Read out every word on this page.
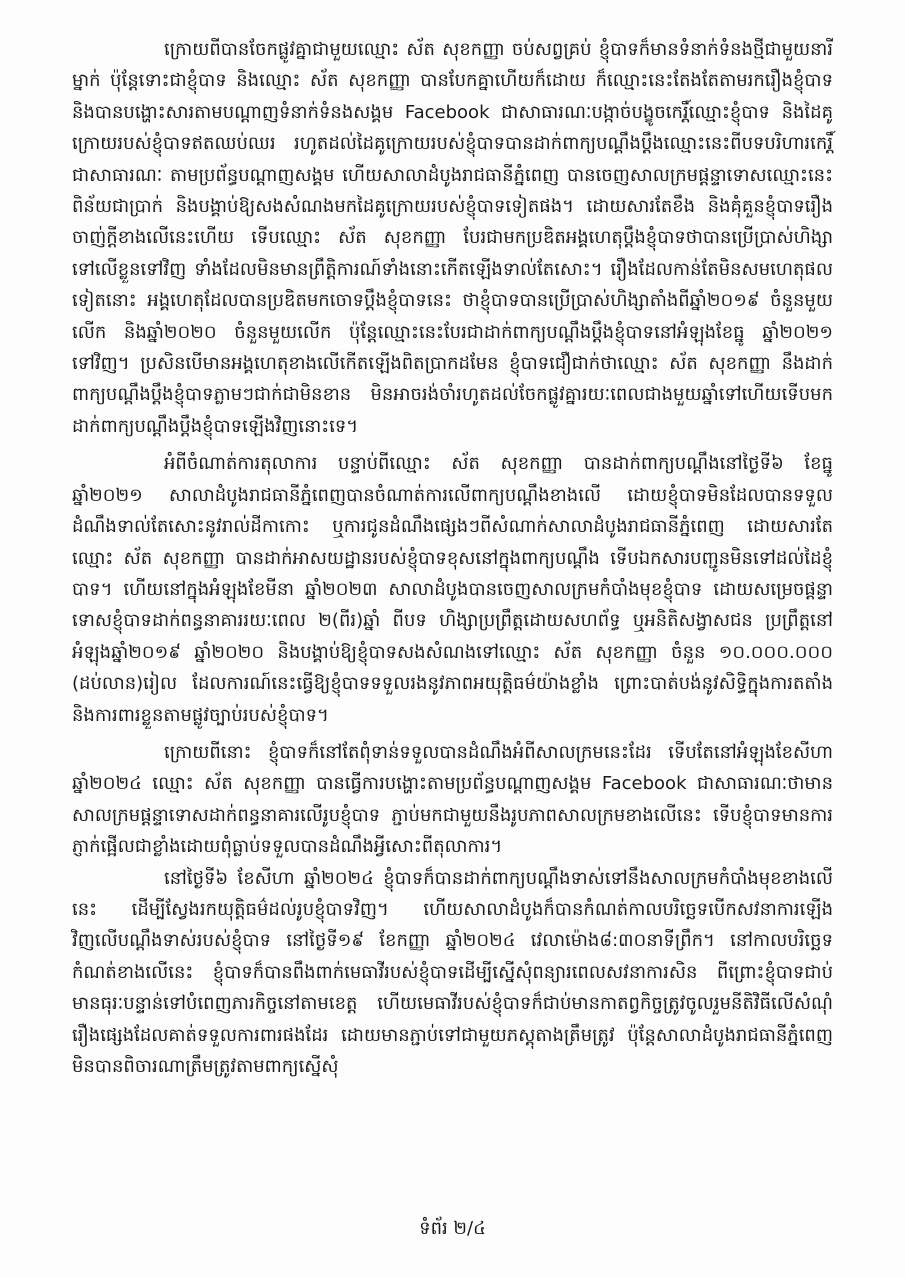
ក្រោយពីបានចែកផ្លូវគ្នាជាមួយឈ្មោះ ស័ត សុខកញ្ញា ចប់សព្វគ្រប់ ខ្ញុំបាទក៏មានទំនាក់ទំនងថ្មីជាមួយនារីម្នាក់ ប៉ុន្តែទោះជាខ្ញុំបាទ និងឈ្មោះ ស័ត សុខកញ្ញា បានបែកគ្នាហើយក៏ដោយ ក៏ឈ្មោះនេះតែងតែតាមរករឿងខ្ញុំបាទ និងបានបង្ហោះសារតាមបណ្តាញទំនាក់ទំនងសង្គម Facebook ជាសាធារណៈបង្កាច់បង្ខូចកេរ្តិ៍ឈ្មោះខ្ញុំបាទ និងដៃគូក្រោយរបស់ខ្ញុំបាទឥតឈប់ឈរ រហូតដល់ដៃគូក្រោយរបស់ខ្ញុំបាទបានដាក់ពាក្យបណ្តឹងប្តឹងឈ្មោះនេះពីបទបរិហារកេរ្តិ៍ជាសាធារណៈ តាមប្រព័ន្ធបណ្តាញសង្គម ហើយសាលាដំបូងរាជធានីភ្នំពេញ បានចេញសាលក្រមផ្តន្ទាទោសឈ្មោះនេះពិន័យជាប្រាក់ និងបង្គាប់ឱ្យសងសំណងមកដៃគូក្រោយរបស់ខ្ញុំបាទទៀតផង។ ដោយសារតែខឹង និងគុំគួនខ្ញុំបាទរឿងចាញ់ក្តីខាងលើនេះហើយ ទើបឈ្មោះ ស័ត សុខកញ្ញា បែរជាមកប្រឌិតអង្គហេតុប្តឹងខ្ញុំបាទថាបានប្រើប្រាស់ហិង្សាទៅលើខ្លួនទៅវិញ ទាំងដែលមិនមានព្រឹត្តិការណ៍ទាំងនោះកើតឡើងទាល់តែសោះ។ រឿងដែលកាន់តែមិនសមហេតុផលទៀតនោះ អង្គហេតុដែលបានប្រឌិតមកចោទប្តឹងខ្ញុំបាទនេះ ថាខ្ញុំបាទបានប្រើប្រាស់ហិង្សាតាំងពីឆ្នាំ២០១៩ ចំនួនមួយលើក និងឆ្នាំ២០២០ ចំនួនមួយលើក ប៉ុន្តែឈ្មោះនេះបែរជាដាក់ពាក្យបណ្តឹងប្តឹងខ្ញុំបាទនៅអំឡុងខែធ្នូ ឆ្នាំ២០២១ ទៅវិញ។ ប្រសិនបើមានអង្គហេតុខាងលើកើតឡើងពិតប្រាកដមែន ខ្ញុំបាទជឿជាក់ថាឈ្មោះ ស័ត សុខកញ្ញា នឹងដាក់ពាក្យបណ្តឹងប្តឹងខ្ញុំបាទភ្លាមៗជាក់ជាមិនខាន មិនអាចរង់ចាំរហូតដល់ចែកផ្លូវគ្នារយៈពេលជាងមួយឆ្នាំទៅហើយទើបមកដាក់ពាក្យបណ្តឹងប្តឹងខ្ញុំបាទឡើងវិញនោះទេ។

អំពីចំណាត់ការតុលាការ បន្ទាប់ពីឈ្មោះ ស័ត សុខកញ្ញា បានដាក់ពាក្យបណ្តឹងនៅថ្ងៃទី៦ ខែធ្នូ ឆ្នាំ២០២១ សាលាដំបូងរាជធានីភ្នំពេញបានចំណាត់ការលើពាក្យបណ្តឹងខាងលើ ដោយខ្ញុំបាទមិនដែលបានទទួលដំណឹងទាល់តែសោះនូវរាល់ដីកាកោះ ឬការជូនដំណឹងផ្សេងៗពីសំណាក់សាលាដំបូងរាជធានីភ្នំពេញ ដោយសារតែឈ្មោះ ស័ត សុខកញ្ញា បានដាក់អាសយដ្ឋានរបស់ខ្ញុំបាទខុសនៅក្នុងពាក្យបណ្តឹង ទើបឯកសារបញ្ជូនមិនទៅដល់ដៃខ្ញុំបាទ។ ហើយនៅក្នុងអំឡុងខែមីនា ឆ្នាំ២០២៣ សាលាដំបូងបានចេញសាលក្រមកំបាំងមុខខ្ញុំបាទ ដោយសម្រេចផ្តន្ទាទោសខ្ញុំបាទដាក់ពន្ធនាគាររយៈពេល ២(ពីរ)ឆ្នាំ ពីបទ ហិង្សាប្រព្រឹត្តដោយសហព័ទ្ធ ឬអនិតិសង្វាសជន ប្រព្រឹត្តនៅអំឡុងឆ្នាំ២០១៩ ឆ្នាំ២០២០ និងបង្គាប់ឱ្យខ្ញុំបាទសងសំណងទៅឈ្មោះ ស័ត សុខកញ្ញា ចំនួន ១០.០០០.០០០ (ដប់លាន)រៀល ដែលការណ៍នេះធ្វើឱ្យខ្ញុំបាទទទួលរងនូវភាពអយុត្តិធម៌យ៉ាងខ្លាំង ព្រោះបាត់បង់នូវសិទ្ធិក្នុងការតតាំង និងការពារខ្លួនតាមផ្លូវច្បាប់របស់ខ្ញុំបាទ។

ក្រោយពីនោះ ខ្ញុំបាទក៏នៅតែពុំទាន់ទទួលបានដំណឹងអំពីសាលក្រមនេះដែរ ទើបតែនៅអំឡុងខែសីហា ឆ្នាំ២០២៤ ឈ្មោះ ស័ត សុខកញ្ញា បានធ្វើការបង្ហោះតាមប្រព័ន្ធបណ្តាញសង្គម Facebook ជាសាធារណៈថាមានសាលក្រមផ្តន្ទាទោសដាក់ពន្ធនាគារលើរូបខ្ញុំបាទ ភ្ជាប់មកជាមួយនឹងរូបភាពសាលក្រមខាងលើនេះ ទើបខ្ញុំបាទមានការភ្ញាក់ផ្អើលជាខ្លាំងដោយពុំធ្លាប់ទទួលបានដំណឹងអ្វីសោះពីតុលាការ។

នៅថ្ងៃទី៦ ខែសីហា ឆ្នាំ២០២៤ ខ្ញុំបាទក៏បានដាក់ពាក្យបណ្តឹងទាស់ទៅនឹងសាលក្រមកំបាំងមុខខាងលើនេះ ដើម្បីស្វែងរកយុត្តិធម៌ដល់រូបខ្ញុំបាទវិញ។ ហើយសាលាដំបូងក៏បានកំណត់កាលបរិច្ឆេទបើកសវនាការឡើងវិញលើបណ្តឹងទាស់របស់ខ្ញុំបាទ នៅថ្ងៃទី១៩ ខែកញ្ញា ឆ្នាំ២០២៤ វេលាម៉ោង៨:៣០នាទីព្រឹក។ នៅកាលបរិច្ឆេទកំណត់ខាងលើនេះ ខ្ញុំបាទក៏បានពឹងពាក់មេធាវីរបស់ខ្ញុំបាទដើម្បីស្នើសុំពន្យារពេលសវនាការសិន ពីព្រោះខ្ញុំបាទជាប់មានធុរៈបន្ទាន់ទៅបំពេញភារកិច្ចនៅតាមខេត្ត ហើយមេធាវីរបស់ខ្ញុំបាទក៏ជាប់មានកាតព្វកិច្ចត្រូវចូលរួមនីតិវិធីលើសំណុំរឿងផ្សេងដែលគាត់ទទួលការពារផងដែរ ដោយមានភ្ជាប់ទៅជាមួយភស្តុតាងត្រឹមត្រូវ ប៉ុន្តែសាលាដំបូងរាជធានីភ្នំពេញមិនបានពិចារណាត្រឹមត្រូវតាមពាក្យស្នើសុំ

ទំព័រ ២/៤
